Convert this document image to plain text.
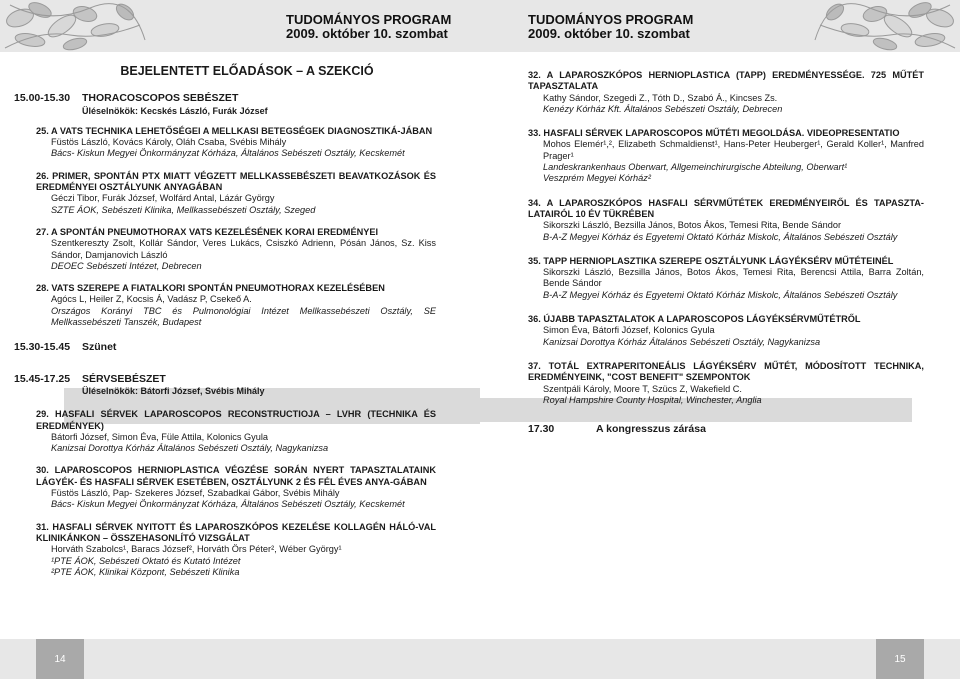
TUDOMÁNYOS PROGRAM
2009. október 10. szombat
BEJELENTETT ELŐADÁSOK – A SZEKCIÓ
15.00-15.30	THORACOSCOPOS SEBÉSZET
Üléselnökök: Kecskés László, Furák József
25. A VATS TECHNIKA LEHETŐSÉGEI A MELLKASI BETEGSÉGEK DIAGNOSZTIKÁ-JÁBAN
Füstös László, Kovács Károly, Oláh Csaba, Svébis Mihály
Bács- Kiskun Megyei Önkormányzat Kórháza, Általános Sebészeti Osztály, Kecskemét
26. PRIMER, SPONTÁN PTX MIATT VÉGZETT MELLKASSEBÉSZETI BEAVATKOZÁSOK ÉS EREDMÉNYEI OSZTÁLYUNK ANYAGÁBAN
Géczi Tibor, Furák József, Wolfárd Antal, Lázár György
SZTE ÁOK, Sebészeti Klinika, Mellkassebészeti Osztály, Szeged
27. A SPONTÁN PNEUMOTHORAX VATS KEZELÉSÉNEK KORAI EREDMÉNYEI
Szentkereszty Zsolt, Kollár Sándor, Veres Lukács, Csiszkó Adrienn, Pósán János, Sz. Kiss Sándor, Damjanovich László
DEOEC Sebészeti Intézet, Debrecen
28. VATS SZEREPE A FIATALKORI SPONTÁN PNEUMOTHORAX KEZELÉSÉBEN
Agócs L, Heiler Z, Kocsis Á, Vadász P, Csekeő A.
Országos Korányi TBC és Pulmonológiai Intézet Mellkassebészeti Osztály, SE Mellkassebészeti Tanszék, Budapest
15.30-15.45	Szünet
15.45-17.25	SÉRVSEBÉSZET
Üléselnökök: Bátorfi József, Svébis Mihály
29. HASFALI SÉRVEK LAPAROSCOPOS RECONSTRUCTIOJA – LVHR (TECHNIKA ÉS EREDMÉNYEK)
Bátorfi József, Simon Éva, Füle Attila, Kolonics Gyula
Kanizsai Dorottya Kórház Általános Sebészeti Osztály, Nagykanizsa
30. LAPAROSCOPOS HERNIOPLASTICA VÉGZÉSE SORÁN NYERT TAPASZTALATAINK LÁGYÉK- ÉS HASFALI SÉRVEK ESETÉBEN, OSZTÁLYUNK 2 ÉS FÉL ÉVES ANYA-GÁBAN
Füstös László, Pap- Szekeres József, Szabadkai Gábor, Svébis Mihály
Bács- Kiskun Megyei Önkormányzat Kórháza, Általános Sebészeti Osztály, Kecskemét
31. HASFALI SÉRVEK NYITOTT ÉS LAPAROSZKÓPOS KEZELÉSE KOLLAGÉN HÁLÓ-VAL KLINIKÁNKON – ÖSSZEHASONLÍTÓ VIZSGÁLAT
Horváth Szabolcs¹, Baracs József², Horváth Örs Péter², Wéber György¹
¹PTE ÁOK, Sebészeti Oktató és Kutató Intézet
²PTE ÁOK, Klinikai Központ, Sebészeti Klinika
14
TUDOMÁNYOS PROGRAM
2009. október 10. szombat
32. A LAPAROSZKÓPOS HERNIOPLASTICA (TAPP) EREDMÉNYESSÉGE. 725 MŰTÉT TAPASZTALATA
Kathy Sándor, Szegedi Z., Tóth D., Szabó Á., Kincses Zs.
Kenézy Kórház Kft. Általános Sebészeti Osztály, Debrecen
33. HASFALI SÉRVEK LAPAROSCOPOS MŰTÉTI MEGOLDÁSA. VIDEOPRESENTATIO
Mohos Elemér¹,², Elizabeth Schmaldienst¹, Hans-Peter Heuberger¹, Gerald Koller¹, Manfred Prager¹
Landeskrankenhaus Oberwart, Allgemeinchirurgische Abteilung, Oberwart¹
Veszprém Megyei Kórház²
34. A LAPAROSZKÓPOS HASFALI SÉRVMŰTÉTEK EREDMÉNYEIRŐL ÉS TAPASZTA-LATAIRÓL 10 ÉV TÜKRÉBEN
Sikorszki László, Bezsilla János, Botos Ákos, Temesi Rita, Bende Sándor
B-A-Z Megyei Kórház és Egyetemi Oktató Kórház Miskolc, Általános Sebészeti Osztály
35. TAPP HERNIOPLASZTIKA SZEREPE OSZTÁLYUNK LÁGYÉKSÉRV MŰTÉTEINÉL
Sikorszki László, Bezsilla János, Botos Ákos, Temesi Rita, Berencsi Attila, Barra Zoltán, Bende Sándor
B-A-Z Megyei Kórház és Egyetemi Oktató Kórház Miskolc, Általános Sebészeti Osztály
36. ÚJABB TAPASZTALATOK A LAPAROSCOPOS LÁGYÉKSÉRVMŰTÉTRŐL
Simon Éva, Bátorfi József, Kolonics Gyula
Kanizsai Dorottya Kórház Általános Sebészeti Osztály, Nagykanizsa
37. TOTÁL EXTRAPERITONEÁLIS LÁGYÉKSÉRV MŰTÉT, MÓDOSÍTOTT TECHNIKA, EREDMÉNYEINK, "COST BENEFIT" SZEMPONTOK
Szentpáli Károly, Moore T, Szücs Z, Wakefield C.
Royal Hampshire County Hospital, Winchester, Anglia
17.30	A kongresszus zárása
15
